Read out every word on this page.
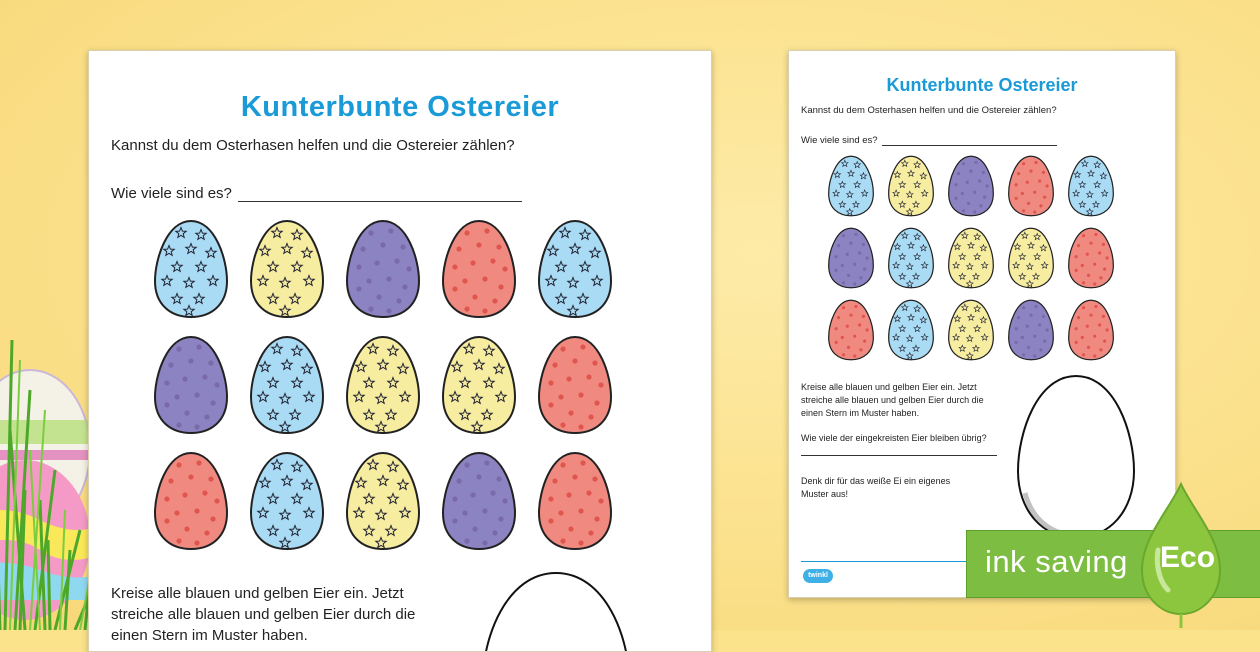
Kunterbunte Ostereier

Kannst du dem Osterhasen helfen und die Ostereier zählen?

Wie viele sind es?

Kreise alle blauen und gelben Eier ein. Jetzt streiche alle blauen und gelben Eier durch die einen Stern im Muster haben.

Kunterbunte Ostereier

Kannst du dem Osterhasen helfen und die Ostereier zählen?

Wie viele sind es?

Kreise alle blauen und gelben Eier ein. Jetzt streiche alle blauen und gelben Eier durch die einen Stern im Muster haben.

Wie viele der eingekreisten Eier bleiben übrig?

Denk dir für das weiße Ei ein eigenes Muster aus!

twinkl	ink saving Eco
